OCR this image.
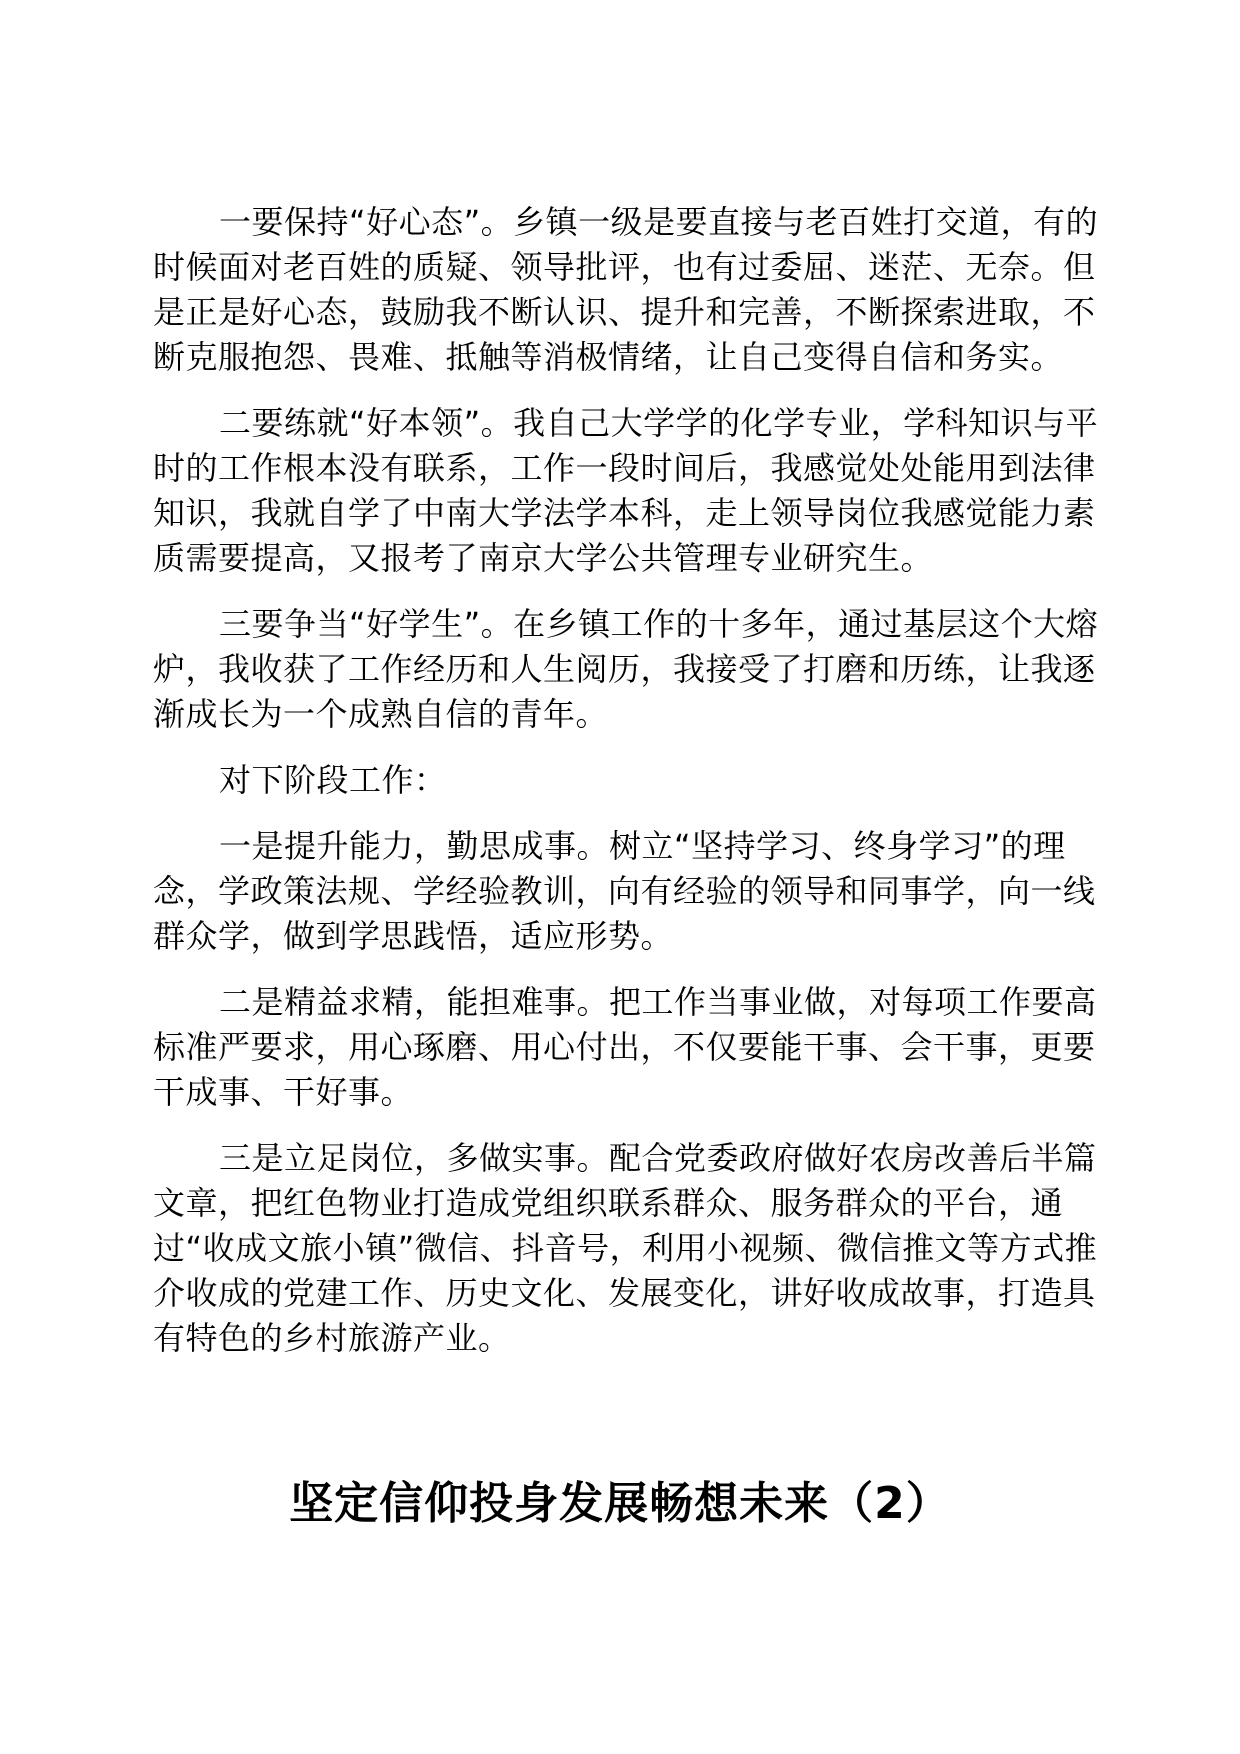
一要保持“好心态”。乡镇一级是要直接与老百姓打交道，有的时候面对老百姓的质疑、领导批评，也有过委屈、迷茫、无奈。但是正是好心态，鼓励我不断认识、提升和完善，不断探索进取，不断克服抱怨、畏难、抵触等消极情绪，让自己变得自信和务实。

二要练就“好本领”。我自己大学学的化学专业，学科知识与平时的工作根本没有联系，工作一段时间后，我感觉处处能用到法律知识，我就自学了中南大学法学本科，走上领导岗位我感觉能力素质需要提高，又报考了南京大学公共管理专业研究生。

三要争当“好学生”。在乡镇工作的十多年，通过基层这个大熔炉，我收获了工作经历和人生阅历，我接受了打磨和历练，让我逐渐成长为一个成熟自信的青年。

对下阶段工作：

一是提升能力，勤思成事。树立“坚持学习、终身学习”的理念，学政策法规、学经验教训，向有经验的领导和同事学，向一线群众学，做到学思践悟，适应形势。

二是精益求精，能担难事。把工作当事业做，对每项工作要高标准严要求，用心琢磨、用心付出，不仅要能干事、会干事，更要干成事、干好事。

三是立足岗位，多做实事。配合党委政府做好农房改善后半篇文章，把红色物业打造成党组织联系群众、服务群众的平台，通过“收成文旅小镇”微信、抖音号，利用小视频、微信推文等方式推介收成的党建工作、历史文化、发展变化，讲好收成故事，打造具有特色的乡村旅游产业。

坚定信仰投身发展畅想未来（2）
